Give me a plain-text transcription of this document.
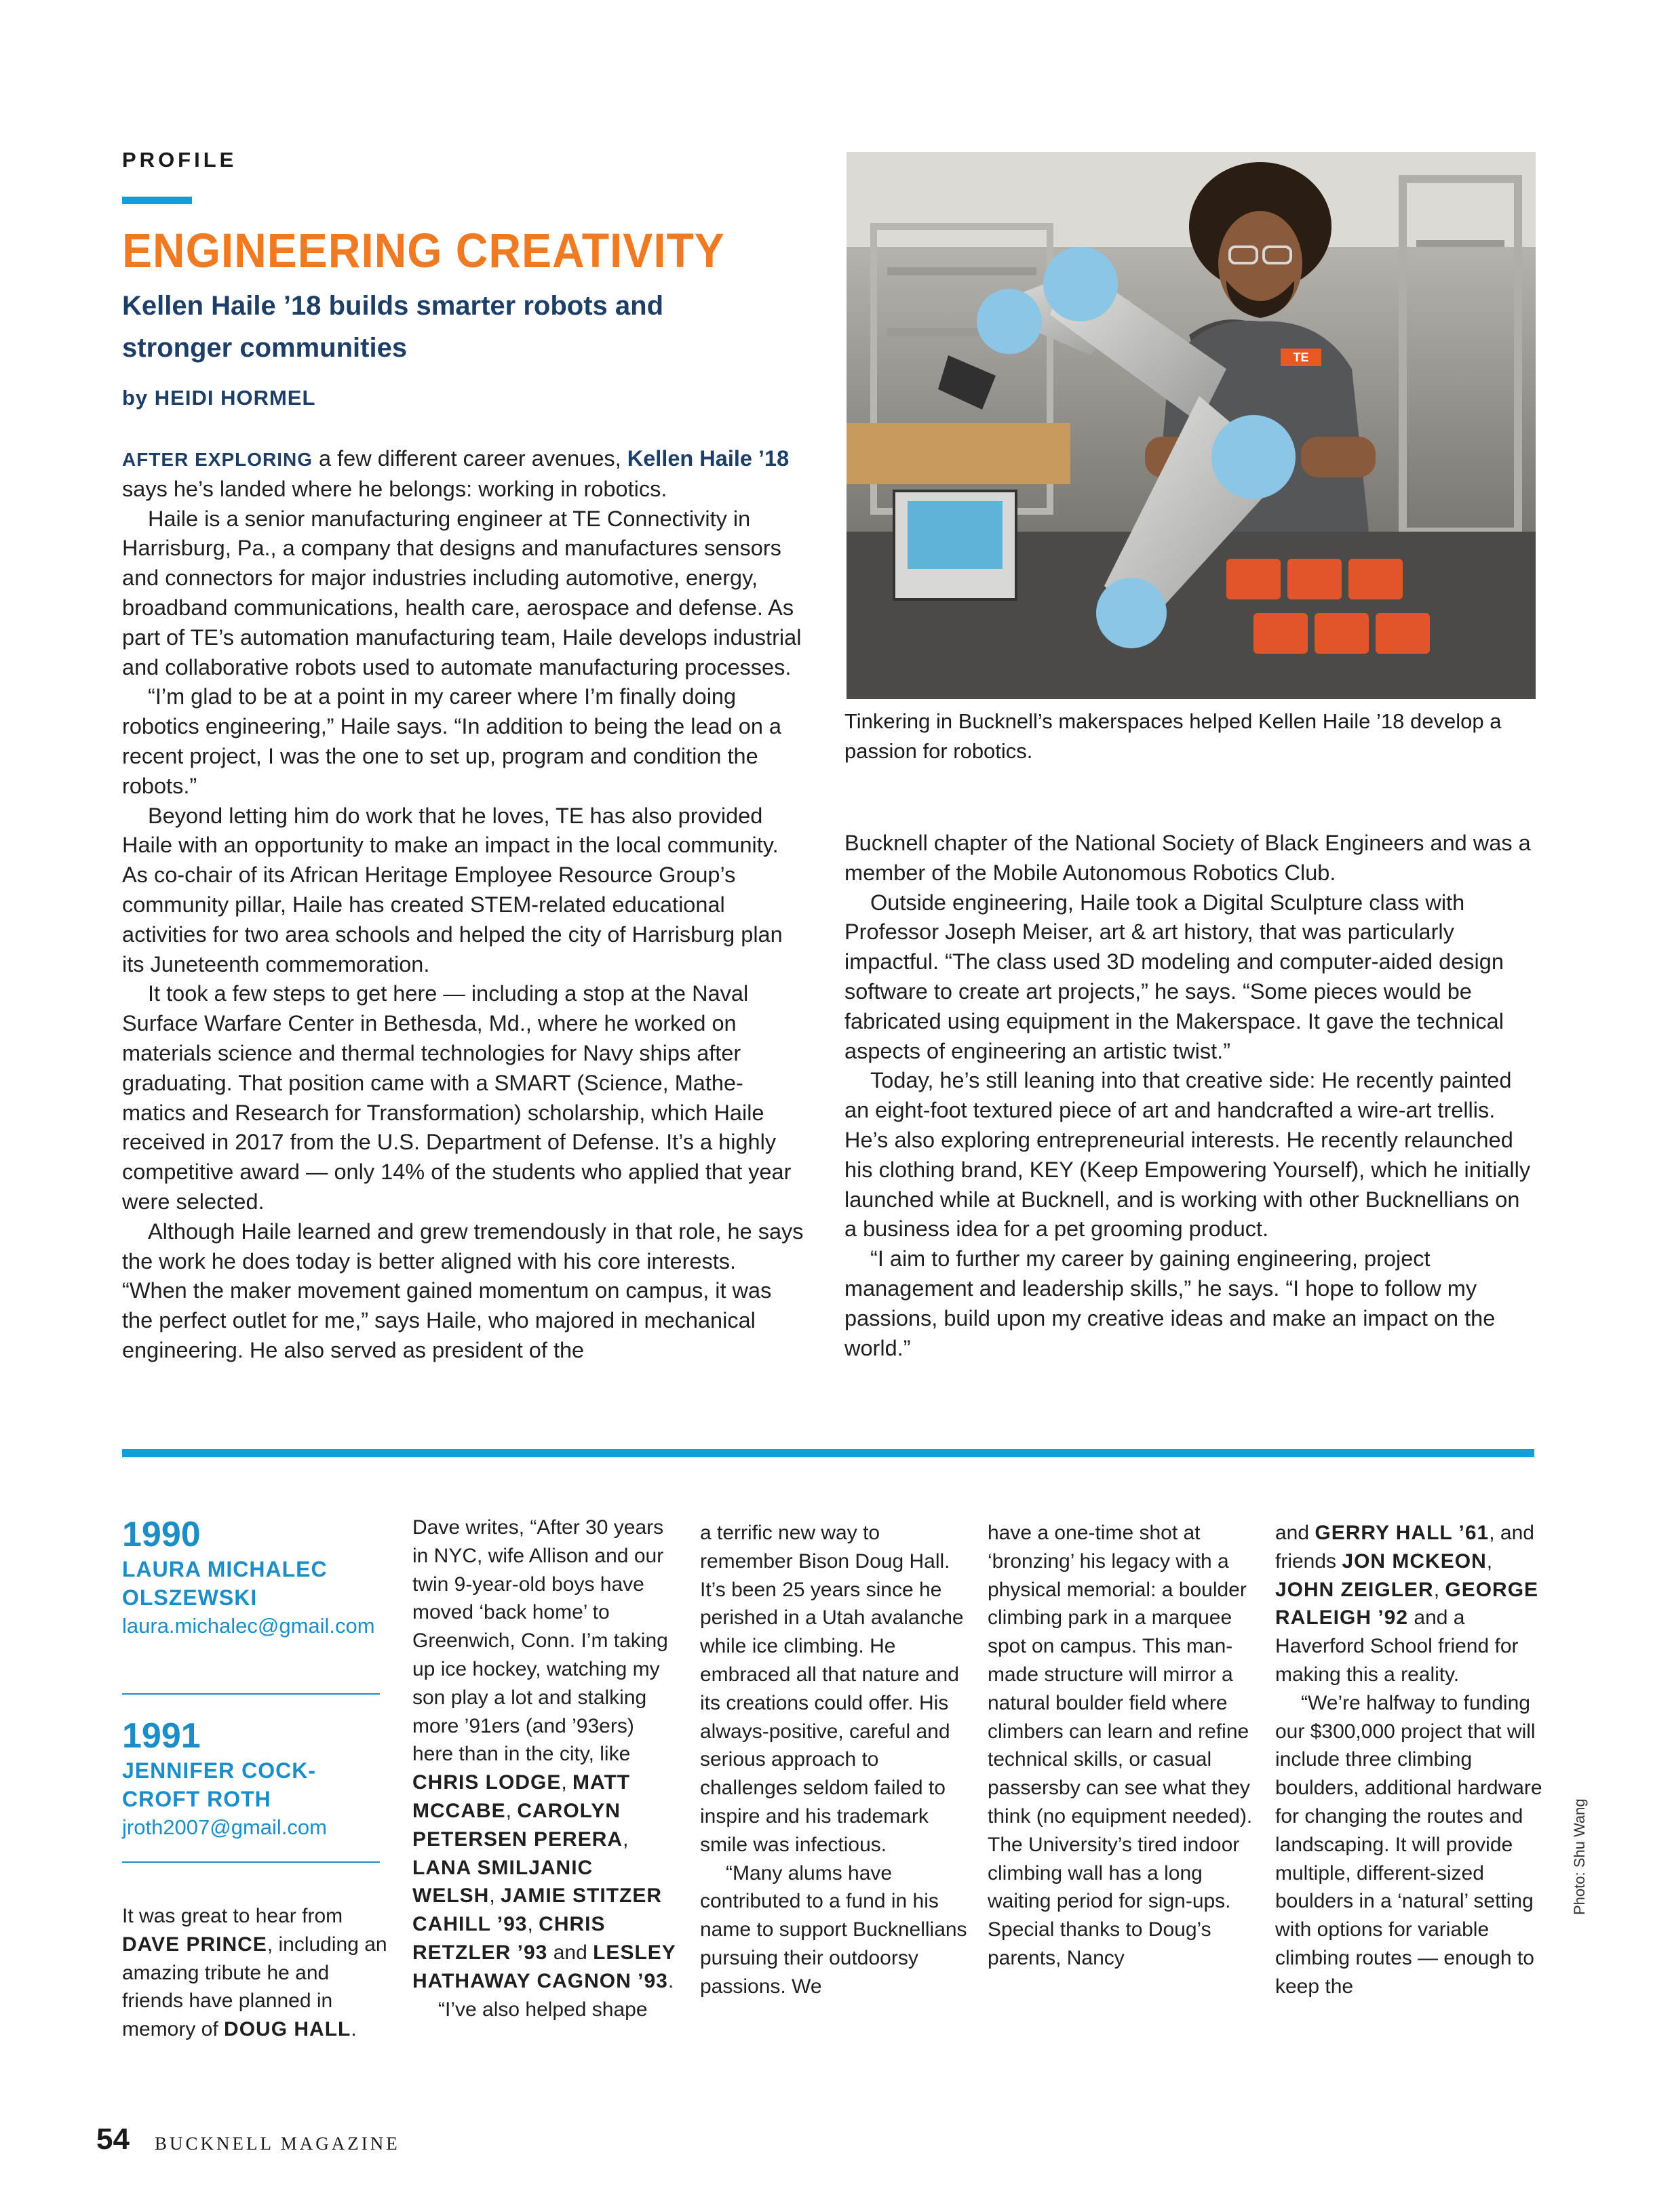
PROFILE
ENGINEERING CREATIVITY
Kellen Haile ’18 builds smarter robots and stronger communities
by HEIDI HORMEL

AFTER EXPLORING a few different career avenues, Kellen Haile ’18 says he’s landed where he belongs: working in robotics.

Haile is a senior manufacturing engineer at TE Connectivity in Harrisburg, Pa., a company that designs and manufactures sensors and connectors for major industries including automotive, energy, broadband communications, health care, aerospace and defense. As part of TE’s automation manufacturing team, Haile develops industrial and collaborative robots used to automate manufacturing processes.

“I’m glad to be at a point in my career where I’m finally doing robotics engineering,” Haile says. “In addition to being the lead on a recent project, I was the one to set up, program and condition the robots.”

Beyond letting him do work that he loves, TE has also provided Haile with an opportunity to make an impact in the local community. As co-chair of its African Heritage Employee Resource Group’s community pillar, Haile has created STEM-related educational activities for two area schools and helped the city of Harrisburg plan its Juneteenth commemoration.

It took a few steps to get here — including a stop at the Naval Surface Warfare Center in Bethesda, Md., where he worked on materials science and thermal technologies for Navy ships after graduating. That position came with a SMART (Science, Mathe-matics and Research for Transformation) scholarship, which Haile received in 2017 from the U.S. Department of Defense. It’s a highly competitive award — only 14% of the students who applied that year were selected.

Although Haile learned and grew tremendously in that role, he says the work he does today is better aligned with his core interests. “When the maker movement gained momentum on campus, it was the perfect outlet for me,” says Haile, who majored in mechanical engineering. He also served as president of the

TE
Tinkering in Bucknell’s makerspaces helped Kellen Haile ’18 develop a passion for robotics.

Bucknell chapter of the National Society of Black Engineers and was a member of the Mobile Autonomous Robotics Club.

Outside engineering, Haile took a Digital Sculpture class with Professor Joseph Meiser, art & art history, that was particularly impactful. “The class used 3D modeling and computer-aided design software to create art projects,” he says. “Some pieces would be fabricated using equipment in the Makerspace. It gave the technical aspects of engineering an artistic twist.”

Today, he’s still leaning into that creative side: He recently painted an eight-foot textured piece of art and handcrafted a wire-art trellis. He’s also exploring entrepreneurial interests. He recently relaunched his clothing brand, KEY (Keep Empowering Yourself), which he initially launched while at Bucknell, and is working with other Bucknellians on a business idea for a pet grooming product.

“I aim to further my career by gaining engineering, project management and leadership skills,” he says. “I hope to follow my passions, build upon my creative ideas and make an impact on the world.”

1990
LAURA MICHALEC OLSZEWSKI
laura.michalec@gmail.com
1991
JENNIFER COCK-CROFT ROTH
jroth2007@gmail.com
It was great to hear from DAVE PRINCE, including an amazing tribute he and friends have planned in memory of DOUG HALL.
Dave writes, “After 30 years in NYC, wife Allison and our twin 9-year-old boys have moved ‘back home’ to Greenwich, Conn. I’m taking up ice hockey, watching my son play a lot and stalking more ’91ers (and ’93ers) here than in the city, like CHRIS LODGE, MATT MCCABE, CAROLYN PETERSEN PERERA, LANA SMILJANIC WELSH, JAMIE STITZER CAHILL ’93, CHRIS RETZLER ’93 and LESLEY HATHAWAY CAGNON ’93.
“I’ve also helped shape
a terrific new way to remember Bison Doug Hall. It’s been 25 years since he perished in a Utah avalanche while ice climbing. He embraced all that nature and its creations could offer. His always-positive, careful and serious approach to challenges seldom failed to inspire and his trademark smile was infectious.
“Many alums have contributed to a fund in his name to support Bucknellians pursuing their outdoorsy passions. We
have a one-time shot at ‘bronzing’ his legacy with a physical memorial: a boulder climbing park in a marquee spot on campus. This man-made structure will mirror a natural boulder field where climbers can learn and refine technical skills, or casual passersby can see what they think (no equipment needed). The University’s tired indoor climbing wall has a long waiting period for sign-ups. Special thanks to Doug’s parents, Nancy
and GERRY HALL ’61, and friends JON MCKEON, JOHN ZEIGLER, GEORGE RALEIGH ’92 and a Haverford School friend for making this a reality.
“We’re halfway to funding our $300,000 project that will include three climbing boulders, additional hardware for changing the routes and landscaping. It will provide multiple, different-sized boulders in a ‘natural’ setting with options for variable climbing routes — enough to keep the
Photo: Shu Wang
54 BUCKNELL MAGAZINE
